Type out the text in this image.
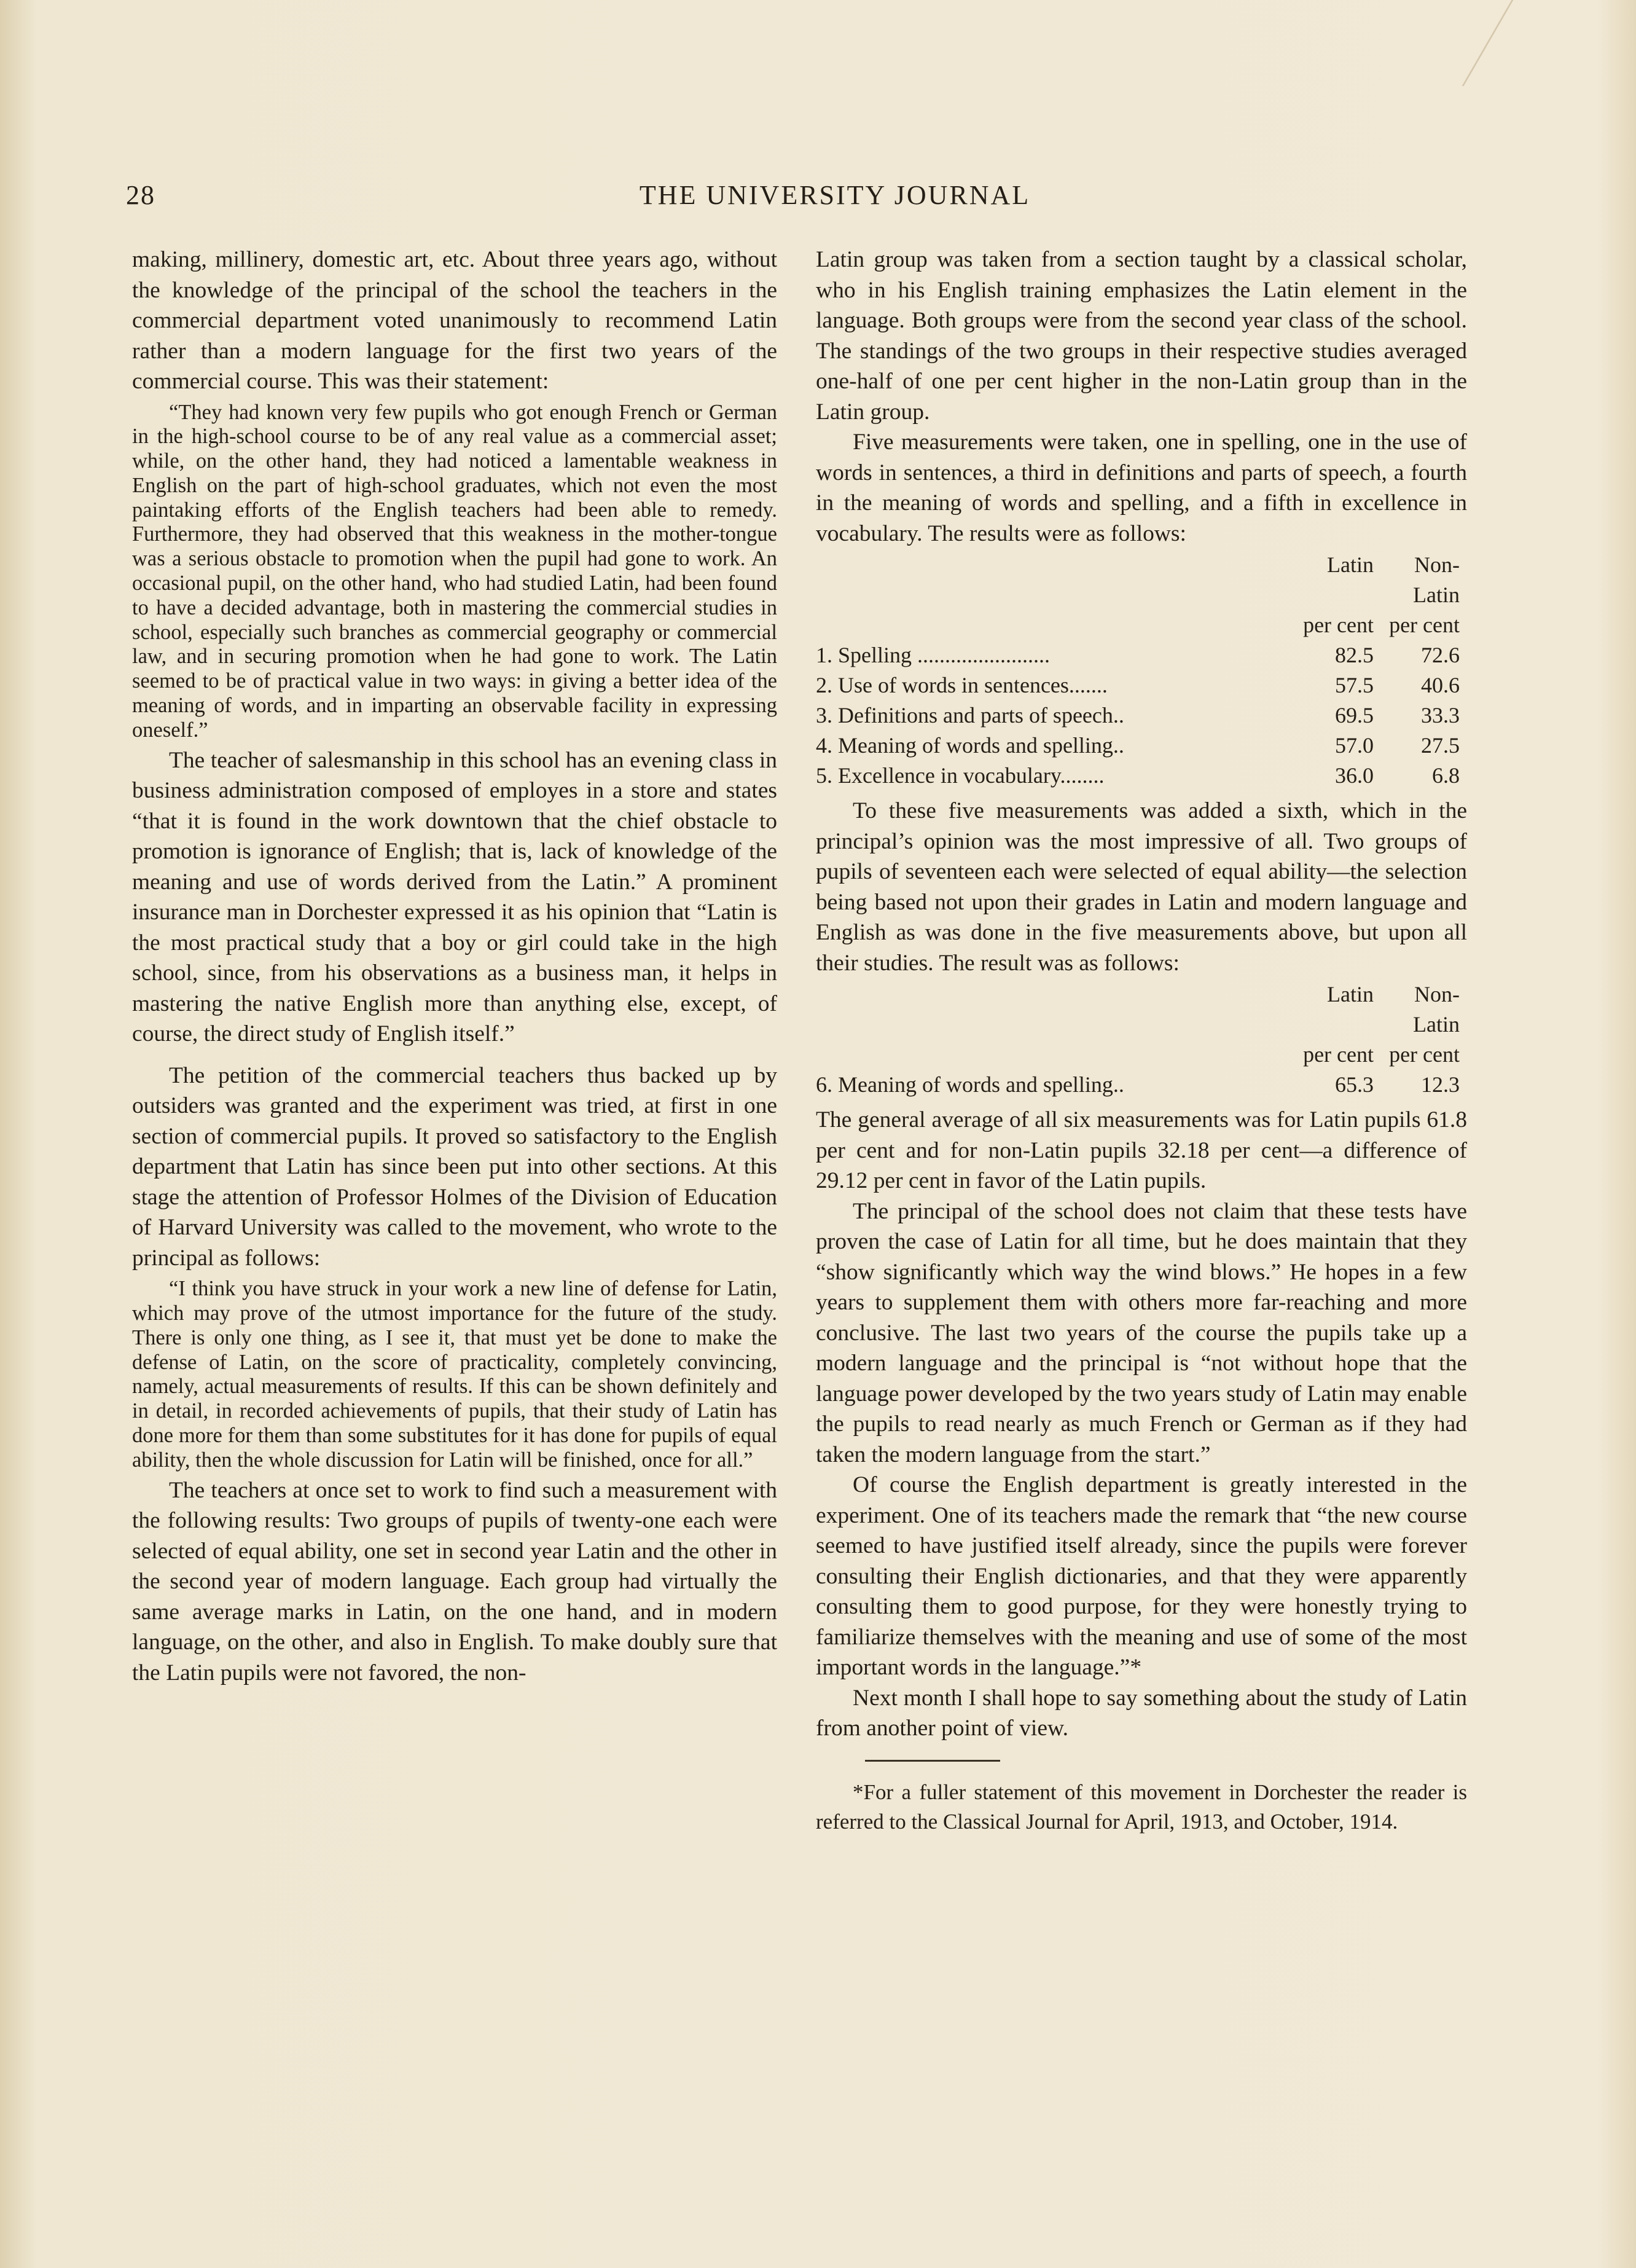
28	THE UNIVERSITY JOURNAL

making, millinery, domestic art, etc. About three years ago, without the knowledge of the principal of the school the teachers in the commercial department voted unanimously to recommend Latin rather than a modern language for the first two years of the commercial course. This was their statement:

“They had known very few pupils who got enough French or German in the high-school course to be of any real value as a commercial asset; while, on the other hand, they had noticed a lamentable weakness in English on the part of high-school graduates, which not even the most paintaking efforts of the English teachers had been able to remedy. Furthermore, they had observed that this weakness in the mother-tongue was a serious obstacle to promotion when the pupil had gone to work. An occasional pupil, on the other hand, who had studied Latin, had been found to have a decided advantage, both in mastering the commercial studies in school, especially such branches as commercial geography or commercial law, and in securing promotion when he had gone to work. The Latin seemed to be of practical value in two ways: in giving a better idea of the meaning of words, and in imparting an observable facility in expressing oneself.”

The teacher of salesmanship in this school has an evening class in business administration composed of employes in a store and states “that it is found in the work downtown that the chief obstacle to promotion is ignorance of English; that is, lack of knowledge of the meaning and use of words derived from the Latin.” A prominent insurance man in Dorchester expressed it as his opinion that “Latin is the most practical study that a boy or girl could take in the high school, since, from his observations as a business man, it helps in mastering the native English more than anything else, except, of course, the direct study of English itself.”

The petition of the commercial teachers thus backed up by outsiders was granted and the experiment was tried, at first in one section of commercial pupils. It proved so satisfactory to the English department that Latin has since been put into other sections. At this stage the attention of Professor Holmes of the Division of Education of Harvard University was called to the movement, who wrote to the principal as follows:

“I think you have struck in your work a new line of defense for Latin, which may prove of the utmost importance for the future of the study. There is only one thing, as I see it, that must yet be done to make the defense of Latin, on the score of practicality, completely convincing, namely, actual measurements of results. If this can be shown definitely and in detail, in recorded achievements of pupils, that their study of Latin has done more for them than some substitutes for it has done for pupils of equal ability, then the whole discussion for Latin will be finished, once for all.”

The teachers at once set to work to find such a measurement with the following results: Two groups of pupils of twenty-one each were selected of equal ability, one set in second year Latin and the other in the second year of modern language. Each group had virtually the same average marks in Latin, on the one hand, and in modern language, on the other, and also in English. To make doubly sure that the Latin pupils were not favored, the non-

Latin group was taken from a section taught by a classical scholar, who in his English training emphasizes the Latin element in the language. Both groups were from the second year class of the school. The standings of the two groups in their respective studies averaged one-half of one per cent higher in the non-Latin group than in the Latin group.

Five measurements were taken, one in spelling, one in the use of words in sentences, a third in definitions and parts of speech, a fourth in the meaning of words and spelling, and a fifth in excellence in vocabulary. The results were as follows:

	Latin	Non-Latin
	per cent	per cent
1. Spelling ........................	82.5	72.6
2. Use of words in sentences.......	57.5	40.6
3. Definitions and parts of speech..	69.5	33.3
4. Meaning of words and spelling..	57.0	27.5
5. Excellence in vocabulary........	36.0	6.8

To these five measurements was added a sixth, which in the principal’s opinion was the most impressive of all. Two groups of pupils of seventeen each were selected of equal ability—the selection being based not upon their grades in Latin and modern language and English as was done in the five measurements above, but upon all their studies. The result was as follows:

	Latin	Non-Latin
	per cent	per cent
6. Meaning of words and spelling..	65.3	12.3

The general average of all six measurements was for Latin pupils 61.8 per cent and for non-Latin pupils 32.18 per cent—a difference of 29.12 per cent in favor of the Latin pupils.

The principal of the school does not claim that these tests have proven the case of Latin for all time, but he does maintain that they “show significantly which way the wind blows.” He hopes in a few years to supplement them with others more far-reaching and more conclusive. The last two years of the course the pupils take up a modern language and the principal is “not without hope that the language power developed by the two years study of Latin may enable the pupils to read nearly as much French or German as if they had taken the modern language from the start.”

Of course the English department is greatly interested in the experiment. One of its teachers made the remark that “the new course seemed to have justified itself already, since the pupils were forever consulting their English dictionaries, and that they were apparently consulting them to good purpose, for they were honestly trying to familiarize themselves with the meaning and use of some of the most important words in the language.”*

Next month I shall hope to say something about the study of Latin from another point of view.

*For a fuller statement of this movement in Dorchester the reader is referred to the Classical Journal for April, 1913, and October, 1914.
